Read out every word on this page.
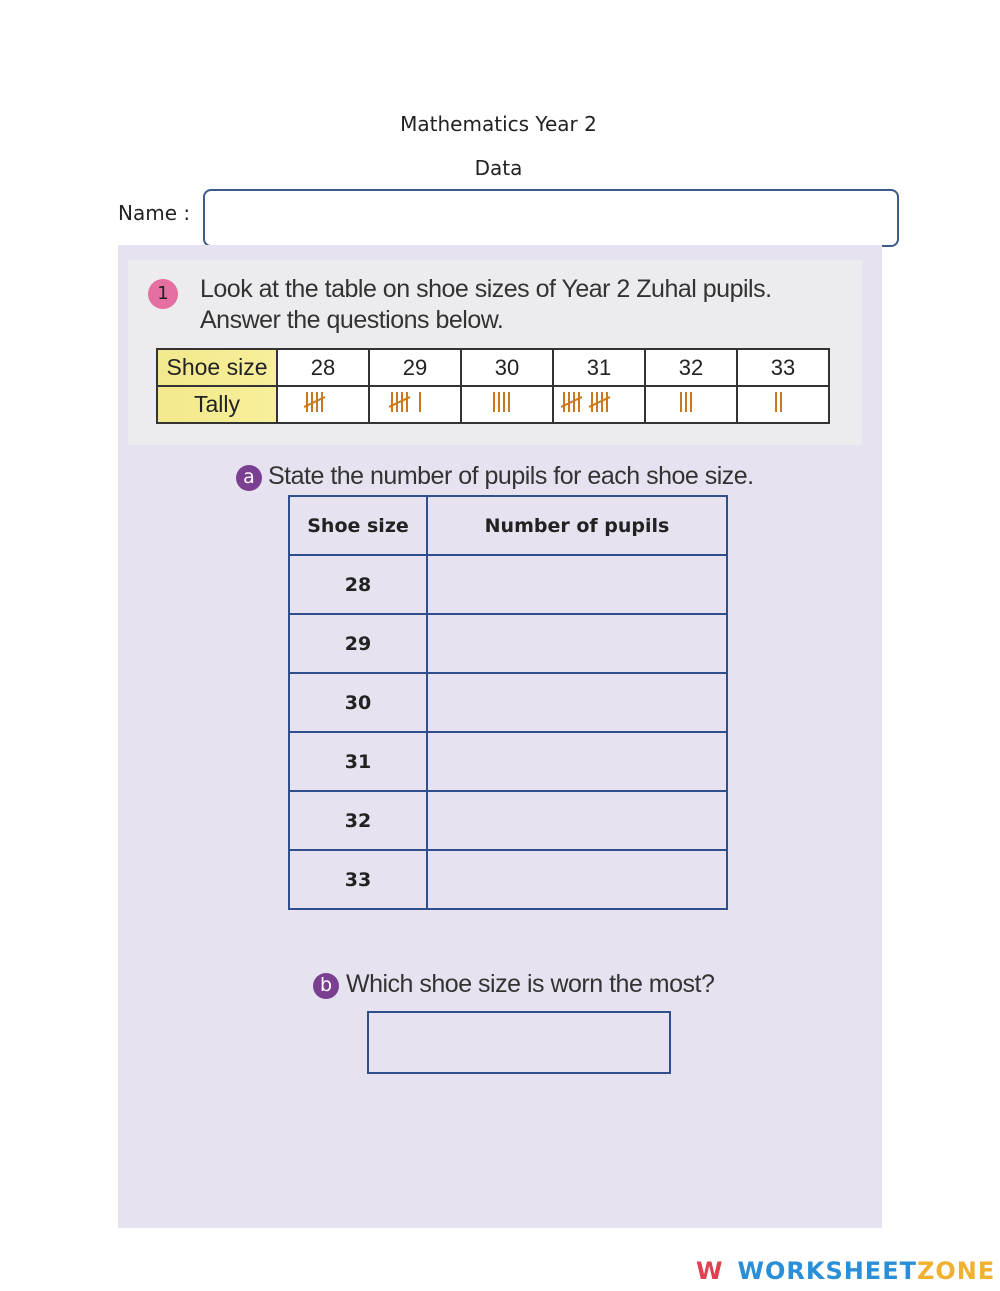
Mathematics Year 2
Data
Name :
1	Look at the table on shoe sizes of Year 2 Zuhal pupils.
Answer the questions below.
Shoe size	28	29	30	31	32	33
Tally						
a State the number of pupils for each shoe size.
Shoe size	Number of pupils
28	
29	
30	
31	
32	
33	
b Which shoe size is worn the most?
W WORKSHEETZONE
